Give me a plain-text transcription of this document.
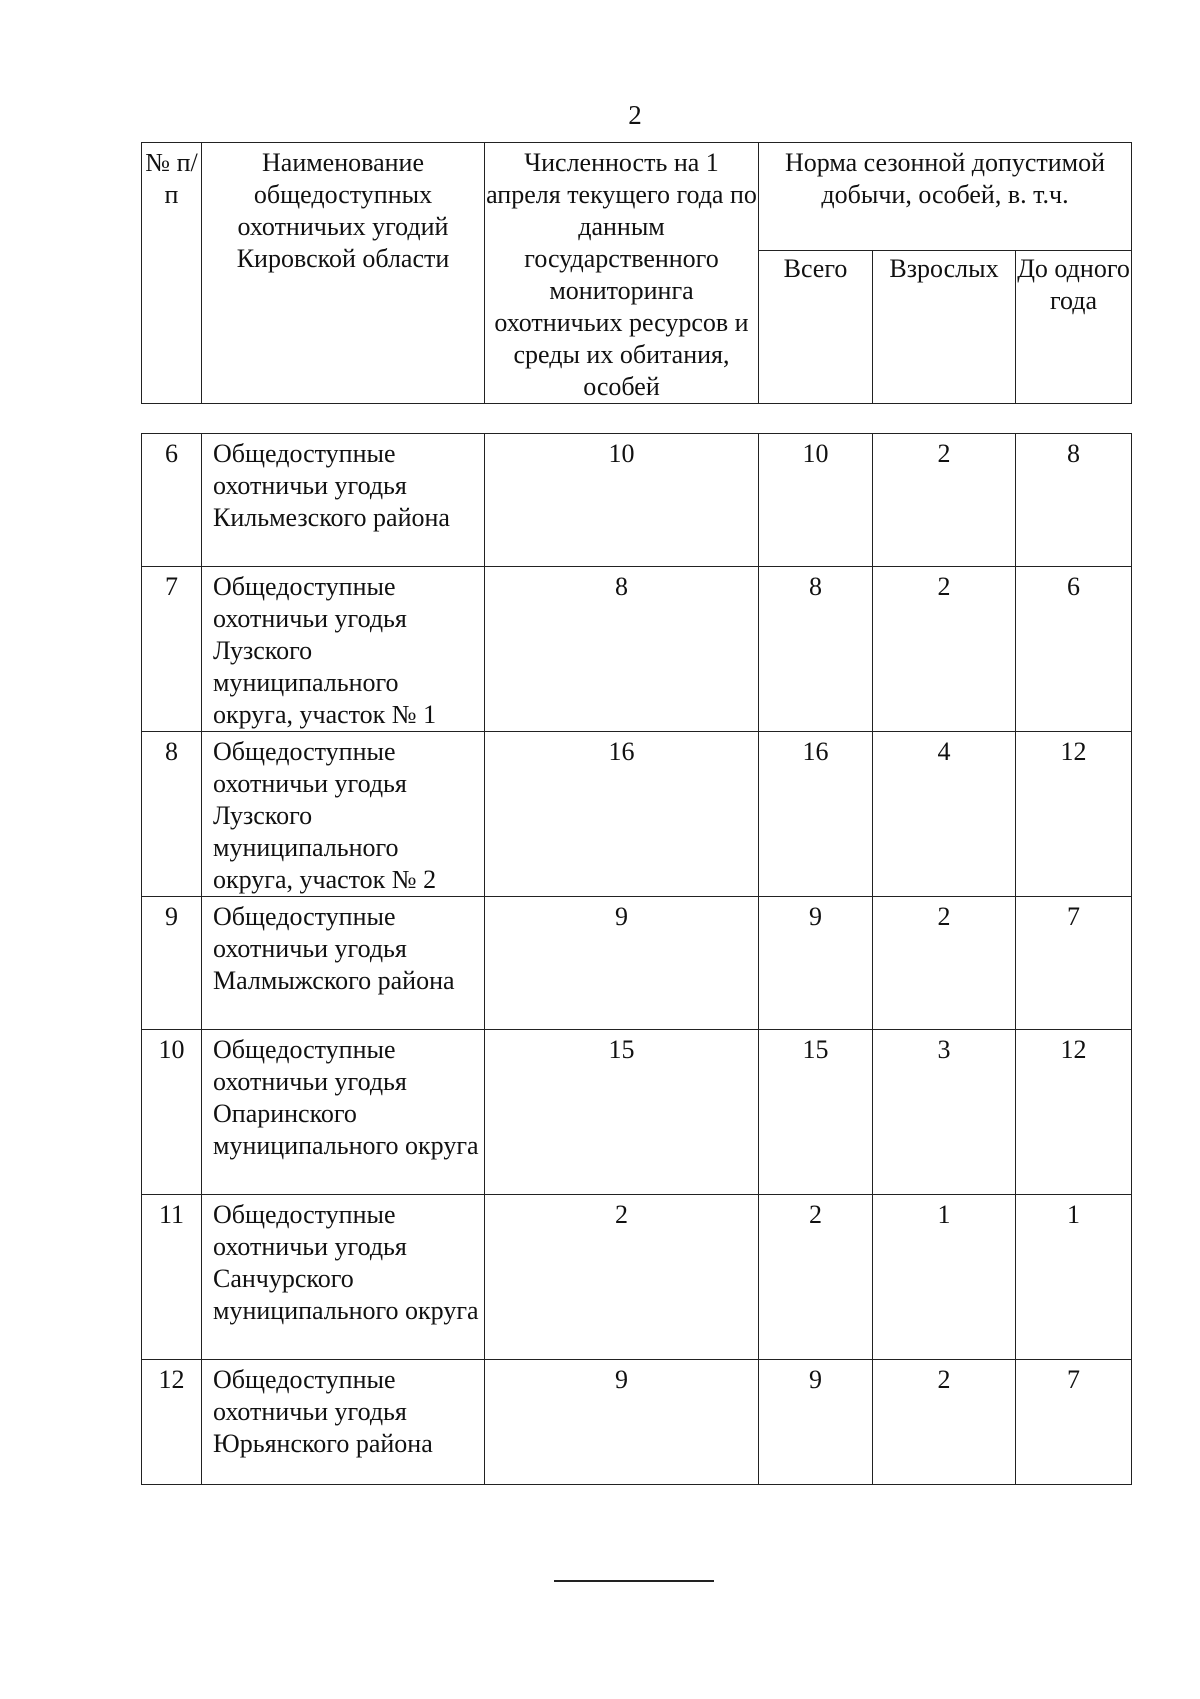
2
№ п/п	Наименование общедоступных охотничьих угодий Кировской области	Численность на 1 апреля текущего года по данным государственного мониторинга охотничьих ресурсов и среды их обитания, особей	Норма сезонной допустимой добычи, особей, в. т.ч.		
			Всего	Взрослых	До одного года
6	Общедоступные охотничьи угодья Кильмезского района	10	10	2	8
7	Общедоступные охотничьи угодья Лузского муниципального округа, участок № 1	8	8	2	6
8	Общедоступные охотничьи угодья Лузского муниципального округа, участок № 2	16	16	4	12
9	Общедоступные охотничьи угодья Малмыжского района	9	9	2	7
10	Общедоступные охотничьи угодья Опаринского муниципального округа	15	15	3	12
11	Общедоступные охотничьи угодья Санчурского муниципального округа	2	2	1	1
12	Общедоступные охотничьи угодья Юрьянского района	9	9	2	7
